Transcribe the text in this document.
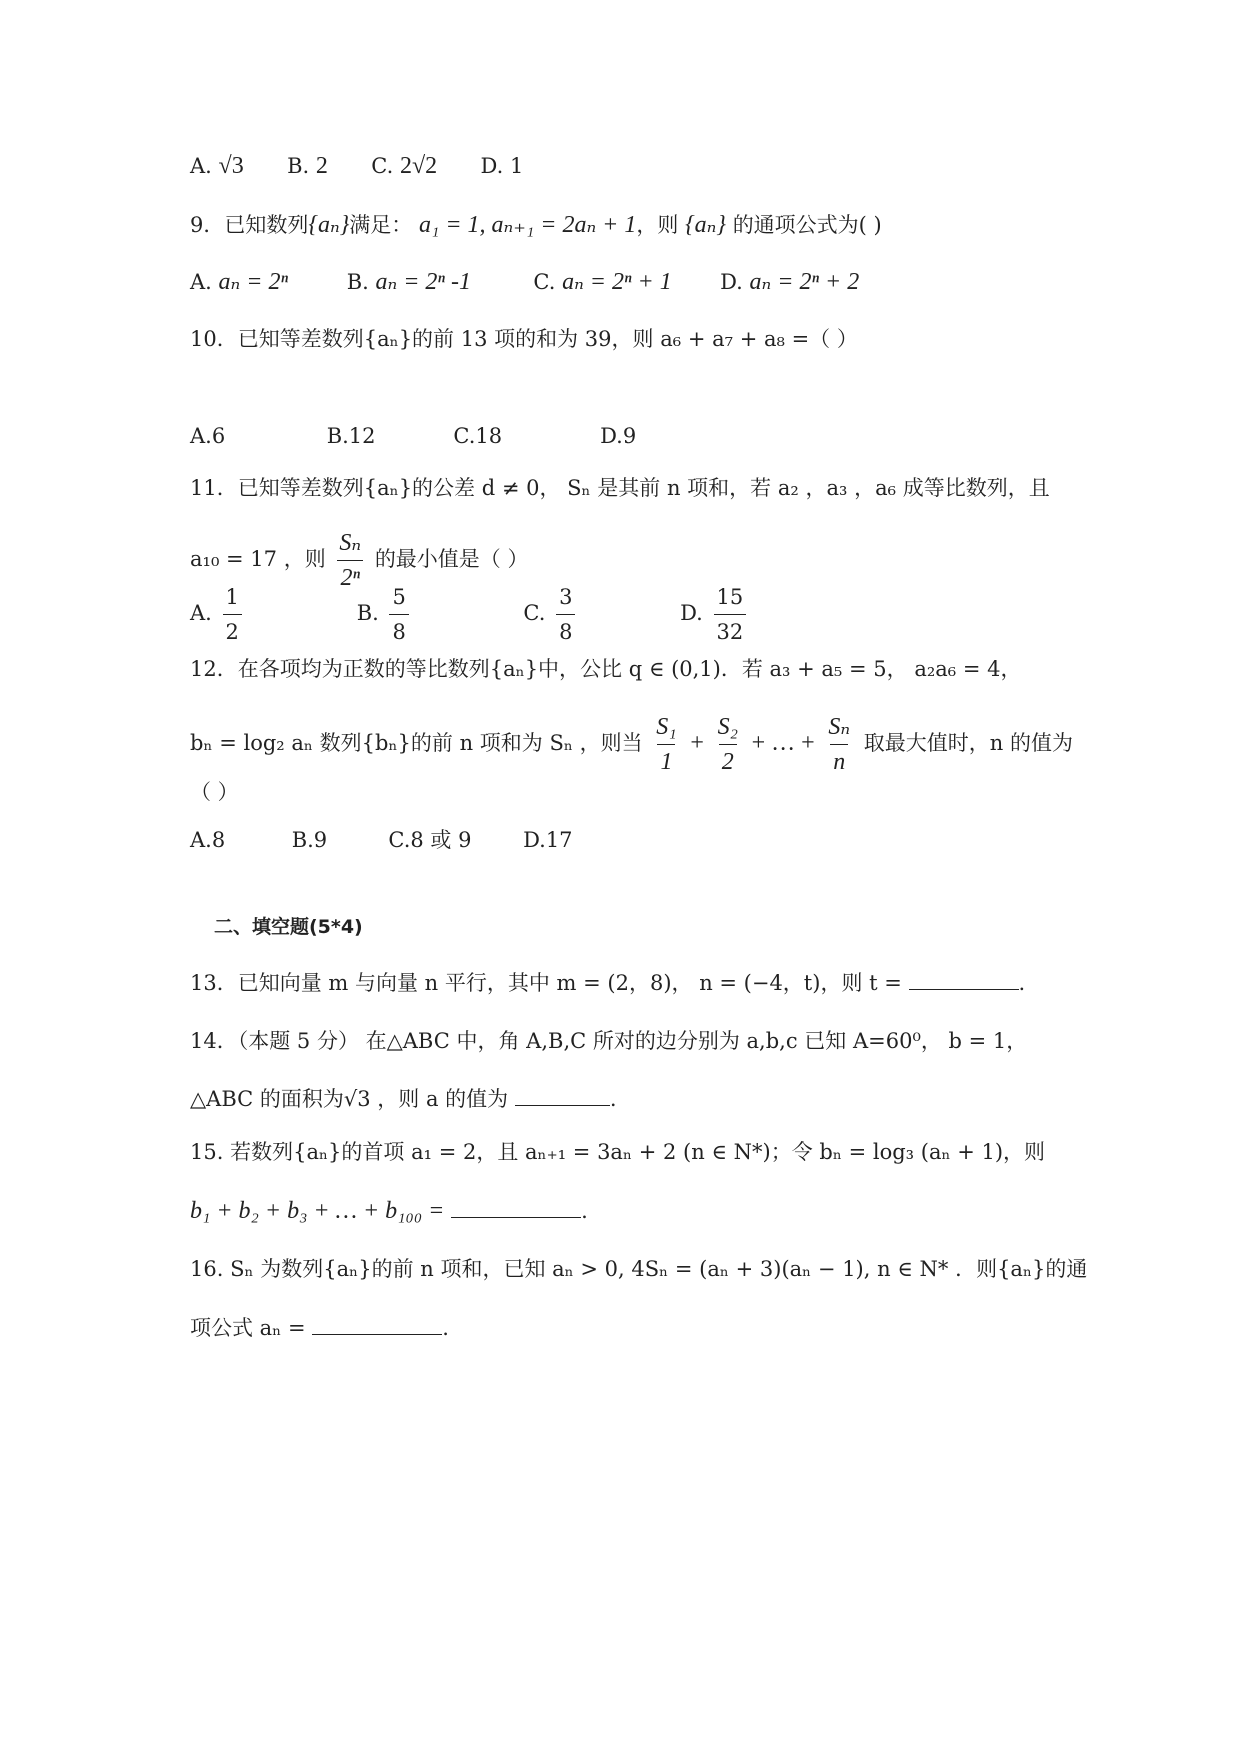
A. √3 B. 2 C. 2√2 D. 1
9．已知数列{aₙ}满足： a₁ = 1, aₙ₊₁ = 2aₙ + 1，则 {aₙ} 的通项公式为( )
A. aₙ = 2ⁿ	B. aₙ = 2ⁿ -1	C. aₙ = 2ⁿ + 1 D. aₙ = 2ⁿ + 2
10．已知等差数列{aₙ}的前 13 项的和为 39，则 a₆ + a₇ + a₈ =（ ）
A.6	B.12	C.18	D.9
11．已知等差数列{aₙ}的公差 d ≠ 0， Sₙ 是其前 n 项和，若 a₂ ，a₃ ，a₆ 成等比数列，且
a₁₀ = 17 ，则 $\frac{\text{Sₙ}}{\text{2ⁿ}}$ 的最小值是（ ）
A. $\frac{1}{2}$	B. $\frac{5}{8}$	C. $\frac{3}{8}$	D. $\frac{15}{32}$
12．在各项均为正数的等比数列{aₙ}中，公比 q ∈ (0,1)．若 a₃ + a₅ = 5， a₂a₆ = 4，
bₙ = log₂ aₙ 数列{bₙ}的前 n 项和为 Sₙ ，则当 $\frac{\text{S₁}}{1} + \frac{\text{S₂}}{2}$ + … + $\frac{\text{Sₙ}}{n}$ 取最大值时，n 的值为
（ ）
A.8	B.9	C.8 或 9 D.17
二、填空题(5*4)
13．已知向量 m 与向量 n 平行，其中 m = (2，8)， n = (−4，t)，则 t =	.
14．（本题 5 分） 在△ABC 中，角 A,B,C 所对的边分别为 a,b,c 已知 A=60⁰， b = 1，
△ABC 的面积为√3 ，则 a 的值为	.
15. 若数列{aₙ}的首项 a₁ = 2，且 aₙ₊₁ = 3aₙ + 2 (n ∈ N*)；令 bₙ = log₃ (aₙ + 1)，则
b₁ + b₂ + b₃ + … + b₁₀₀ =	.
16. Sₙ 为数列{aₙ}的前 n 项和，已知 aₙ > 0, 4Sₙ = (aₙ + 3)(aₙ − 1), n ∈ N* ．则{aₙ}的通
项公式 aₙ =	.
